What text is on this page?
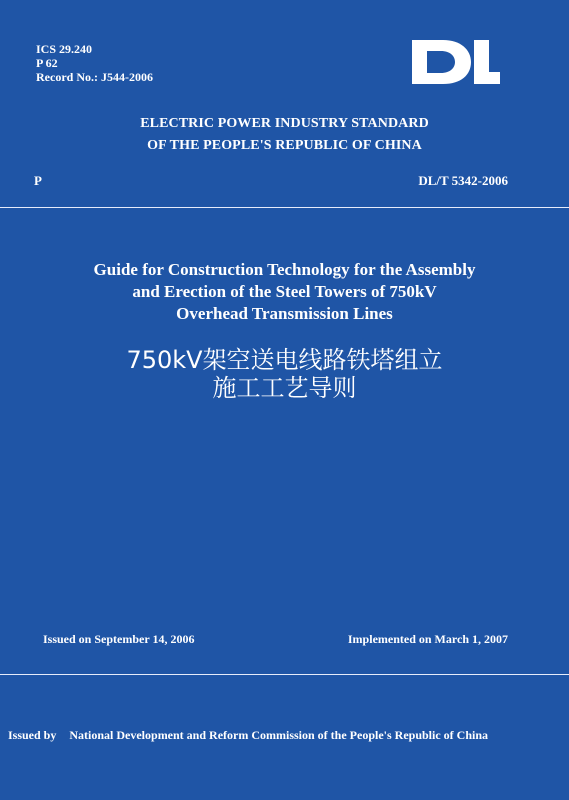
ICS 29.240
P 62
Record No.: J544-2006
ELECTRIC POWER INDUSTRY STANDARD
OF THE PEOPLE'S REPUBLIC OF CHINA
P	DL/T 5342-2006
Guide for Construction Technology for the Assembly
and Erection of the Steel Towers of 750kV
Overhead Transmission Lines
750kV架空送电线路铁塔组立
施工工艺导则
Issued on September 14, 2006	Implemented on March 1, 2007
Issued by National Development and Reform Commission of the People's Republic of China
